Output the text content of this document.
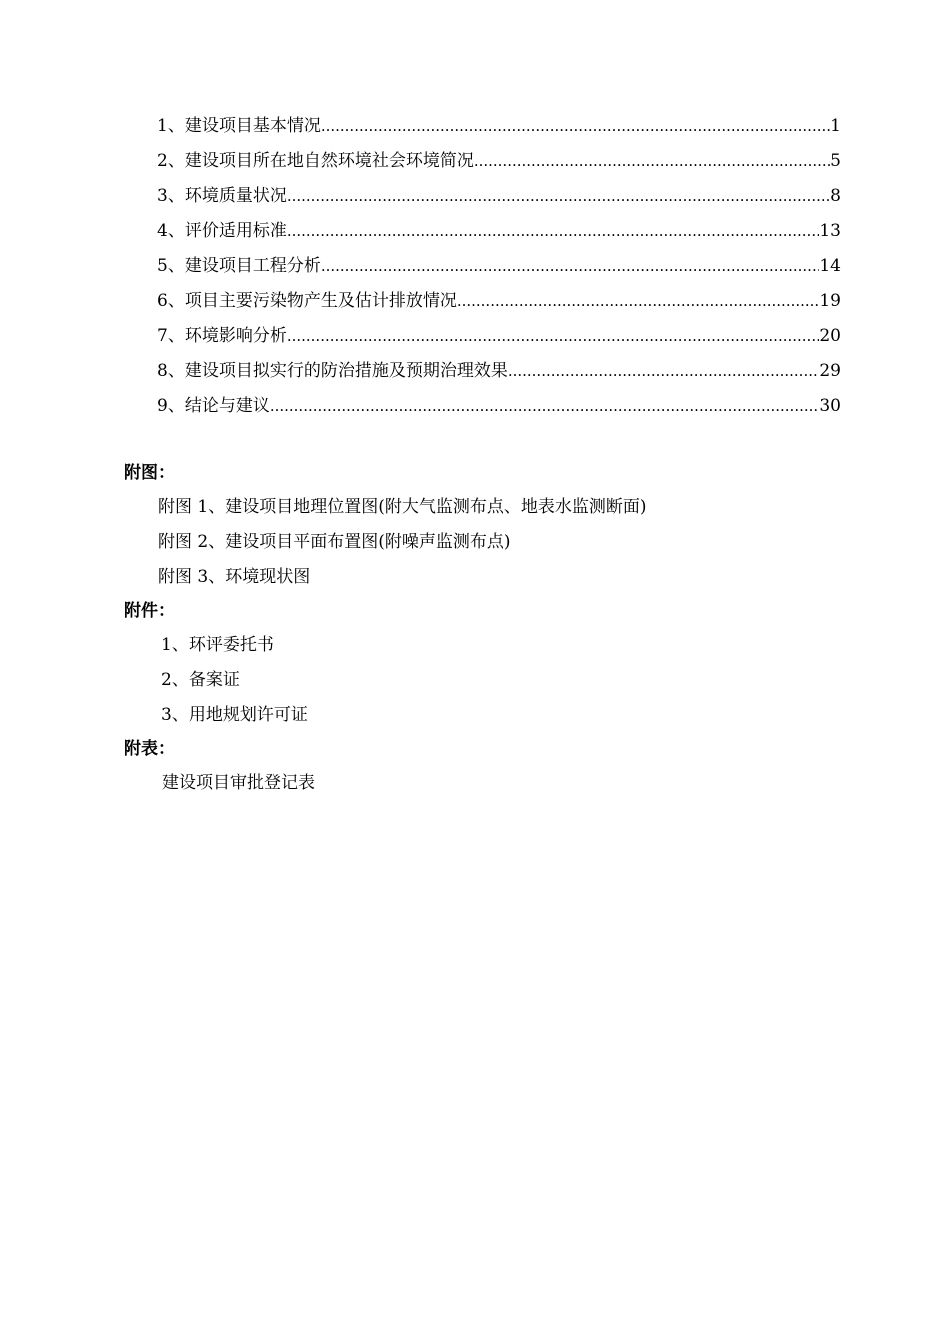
1、建设项目基本情况 .....	1
2、建设项目所在地自然环境社会环境简况 .....	5
3、环境质量状况 .....	8
4、评价适用标准 .....	13
5、建设项目工程分析 .....	14
6、项目主要污染物产生及估计排放情况 .....	19
7、环境影响分析 .....	20
8、建设项目拟实行的防治措施及预期治理效果 .....	29
9、结论与建议 .....	30
附图：
附图 1、建设项目地理位置图(附大气监测布点、地表水监测断面)
附图 2、建设项目平面布置图(附噪声监测布点)
附图 3、环境现状图
附件：
1、环评委托书
2、备案证
3、用地规划许可证
附表：
建设项目审批登记表
